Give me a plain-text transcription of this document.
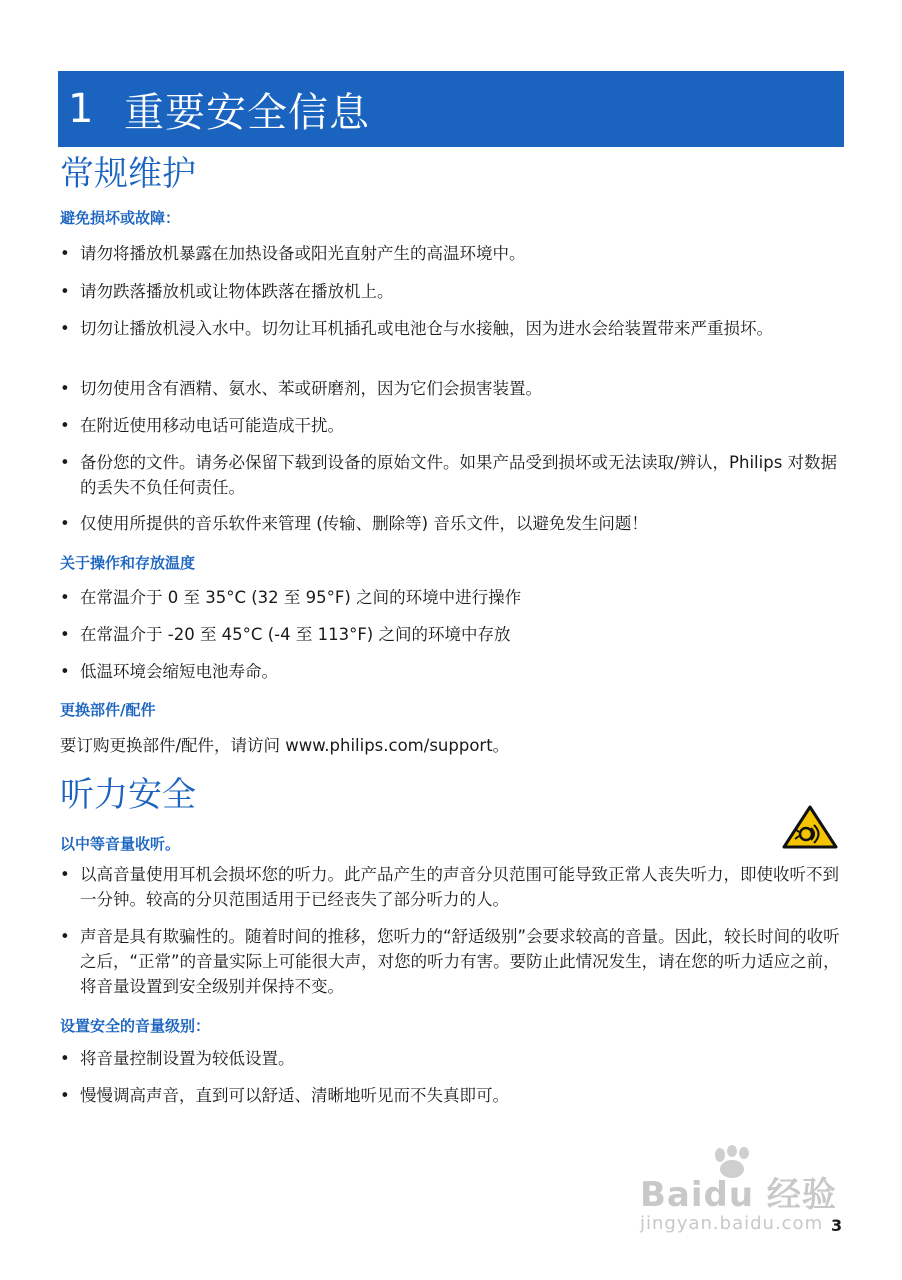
1 重要安全信息
常规维护

避免损坏或故障：

• 请勿将播放机暴露在加热设备或阳光直射产生的高温环境中。
• 请勿跌落播放机或让物体跌落在播放机上。
• 切勿让播放机浸入水中。切勿让耳机插孔或电池仓与水接触，因为进水会给装置带来严重损坏。
• 切勿使用含有酒精、氨水、苯或研磨剂，因为它们会损害装置。
• 在附近使用移动电话可能造成干扰。
• 备份您的文件。请务必保留下载到设备的原始文件。如果产品受到损坏或无法读取/辨认，Philips 对数据的丢失不负任何责任。
• 仅使用所提供的音乐软件来管理 (传输、删除等) 音乐文件，以避免发生问题！

关于操作和存放温度

• 在常温介于 0 至 35°C (32 至 95°F) 之间的环境中进行操作
• 在常温介于 -20 至 45°C (-4 至 113°F) 之间的环境中存放
• 低温环境会缩短电池寿命。

更换部件/配件

要订购更换部件/配件，请访问 www.philips.com/support。

听力安全

以中等音量收听。

• 以高音量使用耳机会损坏您的听力。此产品产生的声音分贝范围可能导致正常人丧失听力，即使收听不到一分钟。较高的分贝范围适用于已经丧失了部分听力的人。
• 声音是具有欺骗性的。随着时间的推移，您听力的“舒适级别”会要求较高的音量。因此，较长时间的收听之后，“正常”的音量实际上可能很大声，对您的听力有害。要防止此情况发生，请在您的听力适应之前，将音量设置到安全级别并保持不变。

设置安全的音量级别：

• 将音量控制设置为较低设置。
• 慢慢调高声音，直到可以舒适、清晰地听见而不失真即可。
Baidu 经验
jingyan.baidu.com 3
